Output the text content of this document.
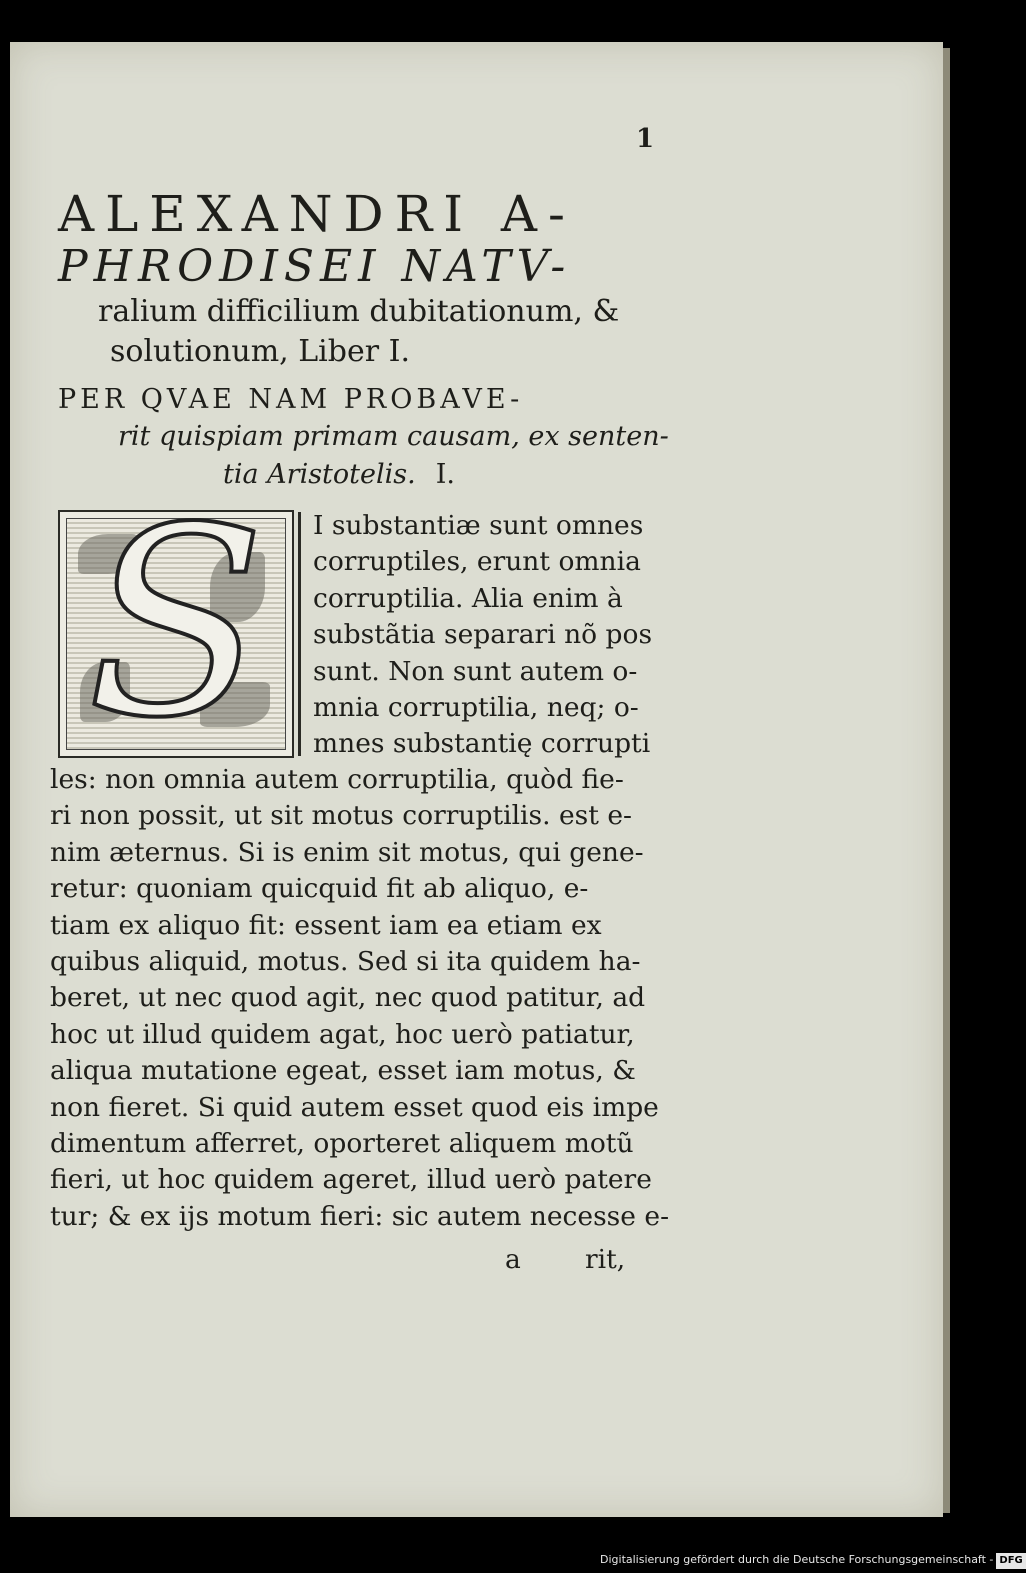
1
ALEXANDRI A-
PHRODISEI NATV-
ralium difficilium dubitationum, &
solutionum, Liber I.
PER QVAE NAM PROBAVE-
rit quispiam primam causam, ex senten-
tia Aristotelis. I.
S	I substantiæ sunt omnes
corruptiles, erunt omnia
corruptilia. Alia enim à
substãtia separari nõ pos
sunt. Non sunt autem o-
mnia corruptilia, neq; o-
mnes substantię corrupti
les: non omnia autem corruptilia, quòd fie-
ri non possit, ut sit motus corruptilis. est e-
nim æternus. Si is enim sit motus, qui gene-
retur: quoniam quicquid fit ab aliquo, e-
tiam ex aliquo fit: essent iam ea etiam ex
quibus aliquid, motus. Sed si ita quidem ha-
beret, ut nec quod agit, nec quod patitur, ad
hoc ut illud quidem agat, hoc uerò patiatur,
aliqua mutatione egeat, esset iam motus, &
non fieret. Si quid autem esset quod eis impe
dimentum afferret, oporteret aliquem motũ
fieri, ut hoc quidem ageret, illud uerò patere
tur; & ex ijs motum fieri: sic autem necesse e-
a rit,
Digitalisierung gefördert durch die Deutsche Forschungsgemeinschaft - DFG
